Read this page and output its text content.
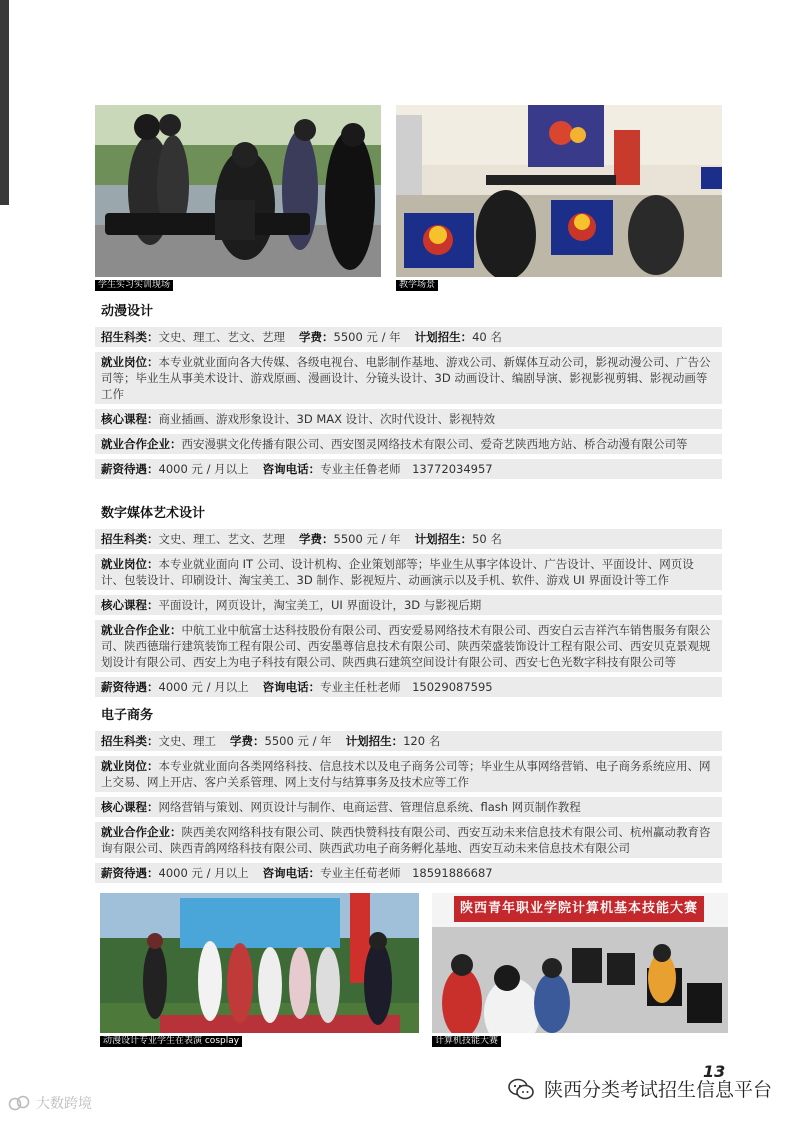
学生实习实训现场	教学场景
动漫设计
招生科类：文史、理工、艺文、艺理 学费：5500 元 / 年 计划招生：40 名
就业岗位：本专业就业面向各大传媒、各级电视台、电影制作基地、游戏公司、新媒体互动公司，影视动漫公司、广告公司等；毕业生从事美术设计、游戏原画、漫画设计、分镜头设计、3D 动画设计、编剧导演、影视影视剪辑、影视动画等工作
核心课程：商业插画、游戏形象设计、3D MAX 设计、次时代设计、影视特效
就业合作企业：西安漫骐文化传播有限公司、西安图灵网络技术有限公司、爱奇艺陕西地方站、桥合动漫有限公司等
薪资待遇：4000 元 / 月以上 咨询电话：专业主任鲁老师　13772034957
数字媒体艺术设计
招生科类：文史、理工、艺文、艺理 学费：5500 元 / 年 计划招生：50 名
就业岗位：本专业就业面向 IT 公司、设计机构、企业策划部等；毕业生从事字体设计、广告设计、平面设计、网页设计、包装设计、印刷设计、淘宝美工、3D 制作、影视短片、动画演示以及手机、软件、游戏 UI 界面设计等工作
核心课程：平面设计，网页设计，淘宝美工，UI 界面设计，3D 与影视后期
就业合作企业：中航工业中航富士达科技股份有限公司、西安爱易网络技术有限公司、西安白云吉祥汽车销售服务有限公司、陕西德瑞行建筑装饰工程有限公司、西安墨尊信息技术有限公司、陕西荣盛装饰设计工程有限公司、西安贝克景观规划设计有限公司、西安上为电子科技有限公司、陕西典石建筑空间设计有限公司、西安七色光数字科技有限公司等
薪资待遇：4000 元 / 月以上 咨询电话：专业主任杜老师　15029087595
电子商务
招生科类：文史、理工 学费：5500 元 / 年 计划招生：120 名
就业岗位：本专业就业面向各类网络科技、信息技术以及电子商务公司等；毕业生从事网络营销、电子商务系统应用、网上交易、网上开店、客户关系管理、网上支付与结算事务及技术应等工作
核心课程：网络营销与策划、网页设计与制作、电商运营、管理信息系统、flash 网页制作教程
就业合作企业：陕西美农网络科技有限公司、陕西快赞科技有限公司、西安互动未来信息技术有限公司、杭州赢动教育咨询有限公司、陕西青鸽网络科技有限公司、陕西武功电子商务孵化基地、西安互动未来信息技术有限公司
薪资待遇：4000 元 / 月以上 咨询电话：专业主任荀老师　18591886687
动漫设计专业学生在表演 cosplay
陕西青年职业学院计算机基本技能大赛
计算机技能大赛
13
陕西分类考试招生信息平台
大数跨境
